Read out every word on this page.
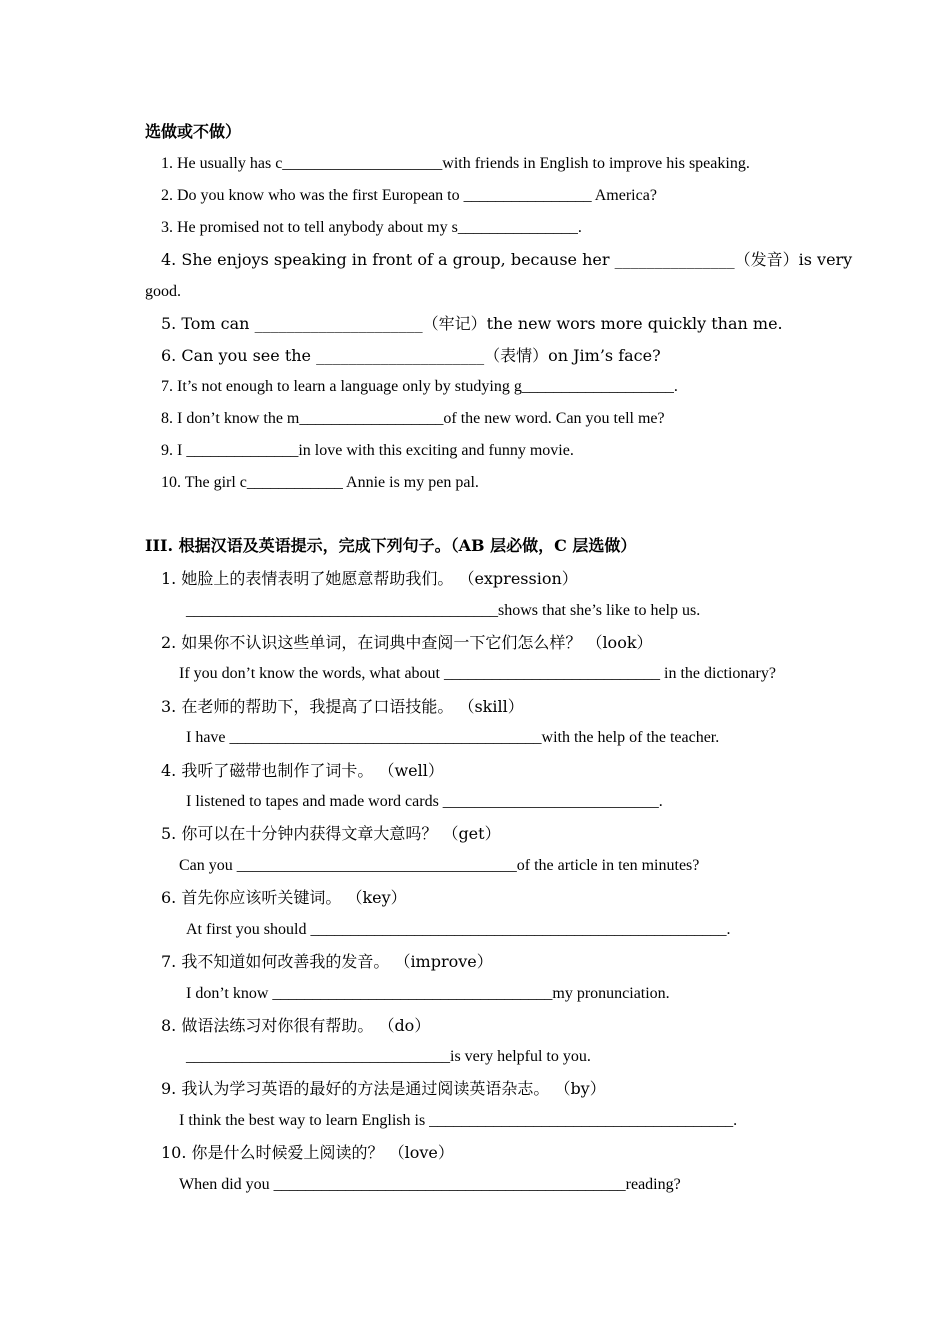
选做或不做）
1. He usually has c____________________with friends in English to improve his speaking.
2. Do you know who was the first European to ________________ America?
3. He promised not to tell anybody about my s_______________.
4. She enjoys speaking in front of a group, because her _______________（发音）is very
good.
5. Tom can _____________________（牢记）the new wors more quickly than me.
6. Can you see the _____________________（表情）on Jim’s face?
7. It’s not enough to learn a language only by studying g___________________.
8. I don’t know the m__________________of the new word. Can you tell me?
9. I ______________in love with this exciting and funny movie.
10. The girl c____________ Annie is my pen pal.
III. 根据汉语及英语提示，完成下列句子。（AB 层必做，C 层选做）
1. 她脸上的表情表明了她愿意帮助我们。 （expression）
_______________________________________shows that she’s like to help us.
2. 如果你不认识这些单词，在词典中查阅一下它们怎么样？ （look）
If you don’t know the words, what about ___________________________ in the dictionary?
3. 在老师的帮助下，我提高了口语技能。 （skill）
I have _______________________________________with the help of the teacher.
4. 我听了磁带也制作了词卡。 （well）
I listened to tapes and made word cards ___________________________.
5. 你可以在十分钟内获得文章大意吗？ （get）
Can you ___________________________________of the article in ten minutes?
6. 首先你应该听关键词。 （key）
At first you should ____________________________________________________.
7. 我不知道如何改善我的发音。 （improve）
I don’t know ___________________________________my pronunciation.
8. 做语法练习对你很有帮助。 （do）
_________________________________is very helpful to you.
9. 我认为学习英语的最好的方法是通过阅读英语杂志。 （by）
I think the best way to learn English is ______________________________________.
10. 你是什么时候爱上阅读的？ （love）
When did you ____________________________________________reading?
